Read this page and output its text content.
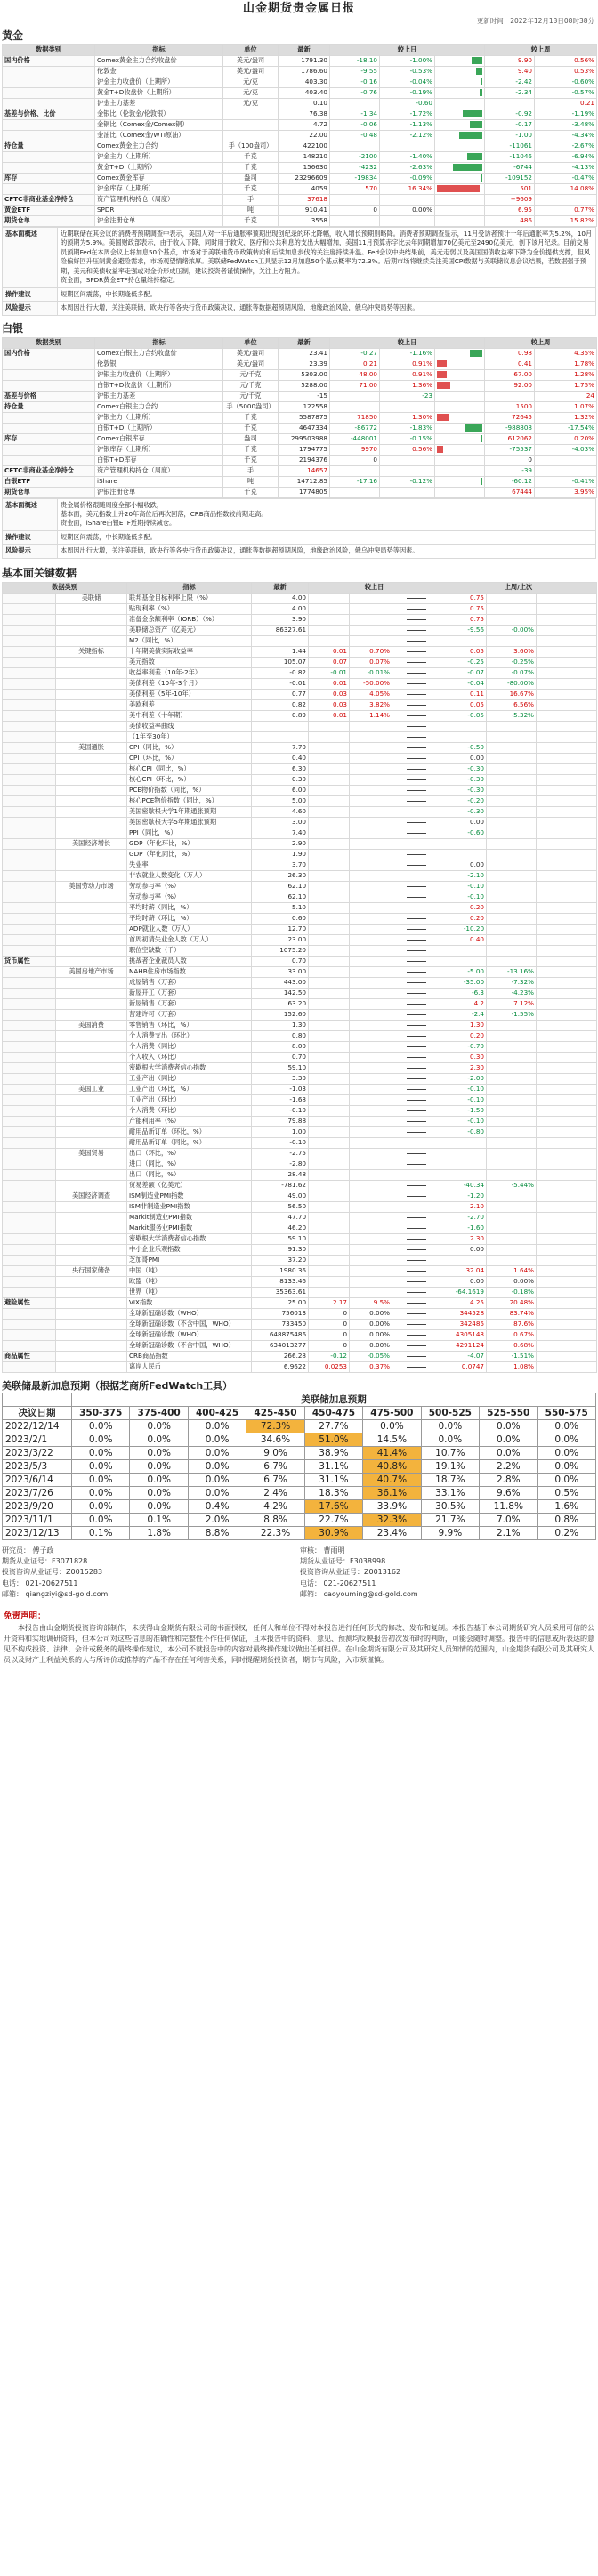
山金期货贵金属日报
更新时间：2022年12月13日08时38分
黄金
数据类别	指标	单位	最新	较上日			较上周	
国内价格	Comex黄金主力合约收盘价	美元/盎司	1791.30	-18.10	-1.00%		9.90	0.56%
	伦敦金	美元/盎司	1786.60	-9.55	-0.53%		9.40	0.53%
	沪金主力收盘价（上期所）	元/克	403.30	-0.16	-0.04%		-2.42	-0.60%
	黄金T+D收盘价（上期所）	元/克	403.40	-0.76	-0.19%		-2.34	-0.57%
	沪金主力基差	元/克	0.10		-0.60			0.21
基差与价格、比价	金银比（伦敦金/伦敦银）		76.38	-1.34	-1.72%		-0.92	-1.19%
	金铜比（Comex金/Comex铜）		4.72	-0.06	-1.13%		-0.17	-3.48%
	金油比（Comex金/WTI原油）		22.00	-0.48	-2.12%		-1.00	-4.34%
持仓量	Comex黄金主力合约	手（100盎司）	422100				-11061	-2.67%
	沪金主力（上期所）	千克	148210	-2100	-1.40%		-11046	-6.94%
	黄金T+D（上期所）	千克	156630	-4232	-2.63%		-6744	-4.13%
库存	Comex黄金库存	盎司	23296609	-19834	-0.09%		-109152	-0.47%
	沪金库存（上期所）	千克	4059	570	16.34%		501	14.08%
CFTC非商业基金净持仓	资产管理机构持仓（周度）	手	37618				+9609	
黄金ETF	SPDR	吨	910.41	0	0.00%		6.95	0.77%
期货仓单	沪金注册仓单	千克	3558				486	15.82%
基本面概述	近期联储在其会议的消费者预期调查中表示，美国人对一年后通胀率预期出现创纪录的环比降幅，收入增长预期则略降。消费者预期调查显示，11月受访者预计一年后通胀率为5.2%，10月的预期为5.9%。美国财政部表示，由于收入下降，同时用于救灾、医疗和公共利息的支出大幅增加，美国11月预算赤字比去年同期增加70亿美元至2490亿美元，创下该月纪录。目前交易员预期Fed在本周会议上将加息50个基点，市场对于美联储货币政策转向和后续加息步伐的关注度持续升温。Fed会议中央结果前，美元走弱以及美国国债收益率下降为金价提供支撑，但风险偏好回升压制黄金避险需求，市场观望情绪浓厚。美联储FedWatch工具显示12月加息50个基点概率为72.3%。后期市场将继续关注美国CPI数据与美联储议息会议结果，若数据强于预期，美元和美债收益率走强或对金价形成压制，建议投资者谨慎操作，关注上方阻力。
资金面，SPDR黄金ETF持仓量维持稳定。
操作建议	短期区间震荡，中长期逢低多配。
风险提示	本周因出行大增，关注美联储，欧央行等各央行货币政策决议，通胀等数据超预期风险，地缘政治风险，俄乌冲突局势等因素。
白银
数据类别	指标	单位	最新	较上日			较上周	
国内价格	Comex白银主力合约收盘价	美元/盎司	23.41	-0.27	-1.16%		0.98	4.35%
	伦敦银	美元/盎司	23.39	0.21	0.91%		0.41	1.78%
	沪银主力收盘价（上期所）	元/千克	5303.00	48.00	0.91%		67.00	1.28%
	白银T+D收盘价（上期所）	元/千克	5288.00	71.00	1.36%		92.00	1.75%
基差与价格	沪银主力基差	元/千克	-15		-23			24
持仓量	Comex白银主力合约	手（5000盎司）	122558				1500	1.07%
	沪银主力（上期所）	千克	5587875	71850	1.30%		72645	1.32%
	白银T+D（上期所）	千克	4647334	-86772	-1.83%		-988808	-17.54%
库存	Comex白银库存	盎司	299503988	-448001	-0.15%		612062	0.20%
	沪银库存（上期所）	千克	1794775	9970	0.56%		-75537	-4.03%
	白银T+D库存	千克	2194376	0			0	
CFTC非商业基金净持仓	资产管理机构持仓（周度）	手	14657				-39	
白银ETF	iShare	吨	14712.85	-17.16	-0.12%		-60.12	-0.41%
期货仓单	沪银注册仓单	千克	1774805				67444	3.95%
基本面概述	贵金属价格跟随周度全部小幅收跌，
基本面，美元指数上升20年高位后再次回落，CRB商品指数较前期走高。
资金面，iShare白银ETF近期持续减仓。
操作建议	短期区间震荡，中长期逢低多配。
风险提示	本周因出行大增，关注美联储，欧央行等各央行货币政策决议，通胀等数据超预期风险，地缘政治风险，俄乌冲突局势等因素。
基本面关键数据
数据类别		指标	最新	较上日			上周/上次		
	美联储	联邦基金目标利率上限（%）	4.00				0.75		
		贴现利率（%）	4.00				0.75		
		准备金余额利率（IORB）（%）	3.90				0.75		
		美联储总资产（亿美元）	86327.61				-9.56	-0.00%	
		M2（同比，%）							
	关键指标	十年期美债实际收益率	1.44	0.01	0.70%		0.05	3.60%	
		美元指数	105.07	0.07	0.07%		-0.25	-0.25%	
		收益率利差（10年-2年）	-0.82	-0.01	-0.01%		-0.07	-0.07%	
		美债利差（10年-3个月）	-0.01	0.01	-50.00%		-0.04	-80.00%	
		美债利差（5年-10年）	0.77	0.03	4.05%		0.11	16.67%	
		美欧利差	0.82	0.03	3.82%		0.05	6.56%	
		美中利差（十年期）	0.89	0.01	1.14%		-0.05	-5.32%	
		美债收益率曲线							
		（1年至30年）							
	美国通胀	CPI（同比，%）	7.70				-0.50		
		CPI（环比，%）	0.40				0.00		
		核心CPI（同比，%）	6.30				-0.30		
		核心CPI（环比，%）	0.30				-0.30		
		PCE物价指数（同比，%）	6.00				-0.30		
		核心PCE物价指数（同比，%）	5.00				-0.20		
		美国密歇根大学1年期通胀预期	4.60				-0.30		
		美国密歇根大学5年期通胀预期	3.00				0.00		
		PPI（同比，%）	7.40				-0.60		
	美国经济增长	GDP（年化环比，%）	2.90						
		GDP（年化同比，%）	1.90						
		失业率	3.70				0.00		
		非农就业人数变化（万人）	26.30				-2.10		
	美国劳动力市场	劳动参与率（%）	62.10				-0.10		
		劳动参与率（%）	62.10				-0.10		
		平均时薪（同比，%）	5.10				0.20		
		平均时薪（环比，%）	0.60				0.20		
		ADP就业人数（万人）	12.70				-10.20		
		首周初请失业金人数（万人）	23.00				0.40		
		职位空缺数（千）	1075.20						
货币属性		挑战者企业裁员人数	0.70						
	美国房地产市场	NAHB住房市场指数	33.00				-5.00	-13.16%	
		成屋销售（万套）	443.00				-35.00	-7.32%	
		新屋开工（万套）	142.50				-6.3	-4.23%	
		新屋销售（万套）	63.20				4.2	7.12%	
		营建许可（万套）	152.60				-2.4	-1.55%	
	美国消费	零售销售（环比，%）	1.30				1.30		
		个人消费支出（环比）	0.80				0.20		
		个人消费（同比）	8.00				-0.70		
		个人收入（环比）	0.70				0.30		
		密歇根大学消费者信心指数	59.10				2.30		
		工业产出（同比）	3.30				-2.00		
	美国工业	工业产出（环比，%）	-1.03				-0.10		
		工业产出（环比）	-1.68				-0.10		
		个人消费（环比）	-0.10				-1.50		
		产能利用率（%）	79.88				-0.10		
		耐用品新订单（环比，%）	1.00				-0.80		
		耐用品新订单（同比，%）	-0.10						
	美国贸易	出口（环比，%）	-2.75						
		进口（同比，%）	-2.80						
		出口（同比，%）	28.48						
		贸易差额（亿美元）	-781.62				-40.34	-5.44%	
	美国经济调查	ISM制造业PMI指数	49.00				-1.20		
		ISM非制造业PMI指数	56.50				2.10		
		Markit制造业PMI指数	47.70				-2.70		
		Markit服务业PMI指数	46.20				-1.60		
		密歇根大学消费者信心指数	59.10				2.30		
		中小企业乐观指数	91.30				0.00		
		芝加哥PMI	37.20						
	央行国家储备	中国（吨）	1980.36				32.04	1.64%	
		欧盟（吨）	8133.46				0.00	0.00%	
		世界（吨）	35363.61				-64.1619	-0.18%	
避险属性		VIX指数	25.00	2.17	9.5%		4.25	20.48%	
		全球新冠确诊数（WHO）	756013	0	0.00%		344528	83.74%	
		全球新冠确诊数（不含中国，WHO）	733450	0	0.00%		342485	87.6%	
		全球新冠确诊数（WHO）	648875486	0	0.00%		4305148	0.67%	
		全球新冠确诊数（不含中国，WHO）	634013277	0	0.00%		4291124	0.68%	
商品属性		CRB商品指数	266.28	-0.12	-0.05%		-4.07	-1.51%	
		离岸人民币	6.9622	0.0253	0.37%		0.0747	1.08%	
美联储最新加息预期（根据芝商所FedWatch工具）
	美联储加息预期								
决议日期	350-375	375-400	400-425	425-450	450-475	475-500	500-525	525-550	550-575
2022/12/14	0.0%	0.0%	0.0%	72.3%	27.7%	0.0%	0.0%	0.0%	0.0%
2023/2/1	0.0%	0.0%	0.0%	34.6%	51.0%	14.5%	0.0%	0.0%	0.0%
2023/3/22	0.0%	0.0%	0.0%	9.0%	38.9%	41.4%	10.7%	0.0%	0.0%
2023/5/3	0.0%	0.0%	0.0%	6.7%	31.1%	40.8%	19.1%	2.2%	0.0%
2023/6/14	0.0%	0.0%	0.0%	6.7%	31.1%	40.7%	18.7%	2.8%	0.0%
2023/7/26	0.0%	0.0%	0.0%	2.4%	18.3%	36.1%	33.1%	9.6%	0.5%
2023/9/20	0.0%	0.0%	0.4%	4.2%	17.6%	33.9%	30.5%	11.8%	1.6%
2023/11/1	0.0%	0.1%	2.0%	8.8%	22.7%	32.3%	21.7%	7.0%	0.8%
2023/12/13	0.1%	1.8%	8.8%	22.3%	30.9%	23.4%	9.9%	2.1%	0.2%
研究员： 傅子政
期货从业证号：F3071828
投资咨询从业证号：Z0015283
电话： 021-20627511
邮箱： qiangziyi@sd-gold.com
审核： 曹雨明
期货从业证号：F3038998
投资咨询从业证号：Z0013162
电话： 021-20627511
邮箱： caoyouming@sd-gold.com
免责声明：
本报告由山金期货投资咨询部制作，未获得山金期货有限公司的书面授权，任何人和单位不得对本报告进行任何形式的修改、发布和复制。本报告基于本公司期货研究人员采用可信的公开资料和实地调研资料，但本公司对这些信息的准确性和完整性不作任何保证，且本报告中的资料、意见、预测均反映报告初次发布时的判断，可能会随时调整。报告中的信息或所表达的意见不构成投资、法律、会计或税务的最终操作建议，本公司不就报告中的内容对最终操作建议做出任何担保。在山金期货有限公司及其研究人员知情的范围内，山金期货有限公司及其研究人员以及财产上利益关系的人与所评价或推荐的产品不存在任何利害关系，同时提醒期货投资者，期市有风险，入市须谨慎。
